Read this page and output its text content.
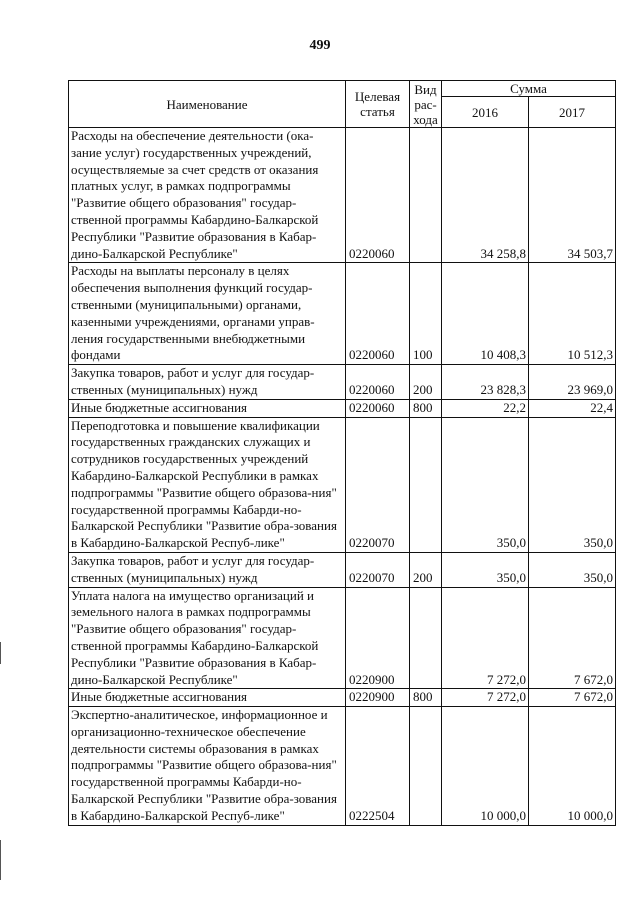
499
Наименование	Целевая статья	Вид рас-хода	Сумма	
			2016	2017
Расходы на обеспечение деятельности (ока-зание услуг) государственных учреждений, осуществляемые за счет средств от оказания платных услуг, в рамках подпрограммы "Развитие общего образования" государ-ственной программы Кабардино-Балкарской Республики "Развитие образования в Кабар-дино-Балкарской Республике"	0220060		34 258,8	34 503,7
Расходы на выплаты персоналу в целях обеспечения выполнения функций государ-ственными (муниципальными) органами, казенными учреждениями, органами управ-ления государственными внебюджетными фондами	0220060	100	10 408,3	10 512,3
Закупка товаров, работ и услуг для государ-ственных (муниципальных) нужд	0220060	200	23 828,3	23 969,0
Иные бюджетные ассигнования	0220060	800	22,2	22,4
Переподготовка и повышение квалификации государственных гражданских служащих и сотрудников государственных учреждений Кабардино-Балкарской Республики в рамках подпрограммы "Развитие общего образова-ния" государственной программы Кабарди-но-Балкарской Республики "Развитие обра-зования в Кабардино-Балкарской Респуб-лике"	0220070		350,0	350,0
Закупка товаров, работ и услуг для государ-ственных (муниципальных) нужд	0220070	200	350,0	350,0
Уплата налога на имущество организаций и земельного налога в рамках подпрограммы "Развитие общего образования" государ-ственной программы Кабардино-Балкарской Республики "Развитие образования в Кабар-дино-Балкарской Республике"	0220900		7 272,0	7 672,0
Иные бюджетные ассигнования	0220900	800	7 272,0	7 672,0
Экспертно-аналитическое, информационное и организационно-техническое обеспечение деятельности системы образования в рамках подпрограммы "Развитие общего образова-ния" государственной программы Кабарди-но-Балкарской Республики "Развитие обра-зования в Кабардино-Балкарской Респуб-лике"	0222504		10 000,0	10 000,0
